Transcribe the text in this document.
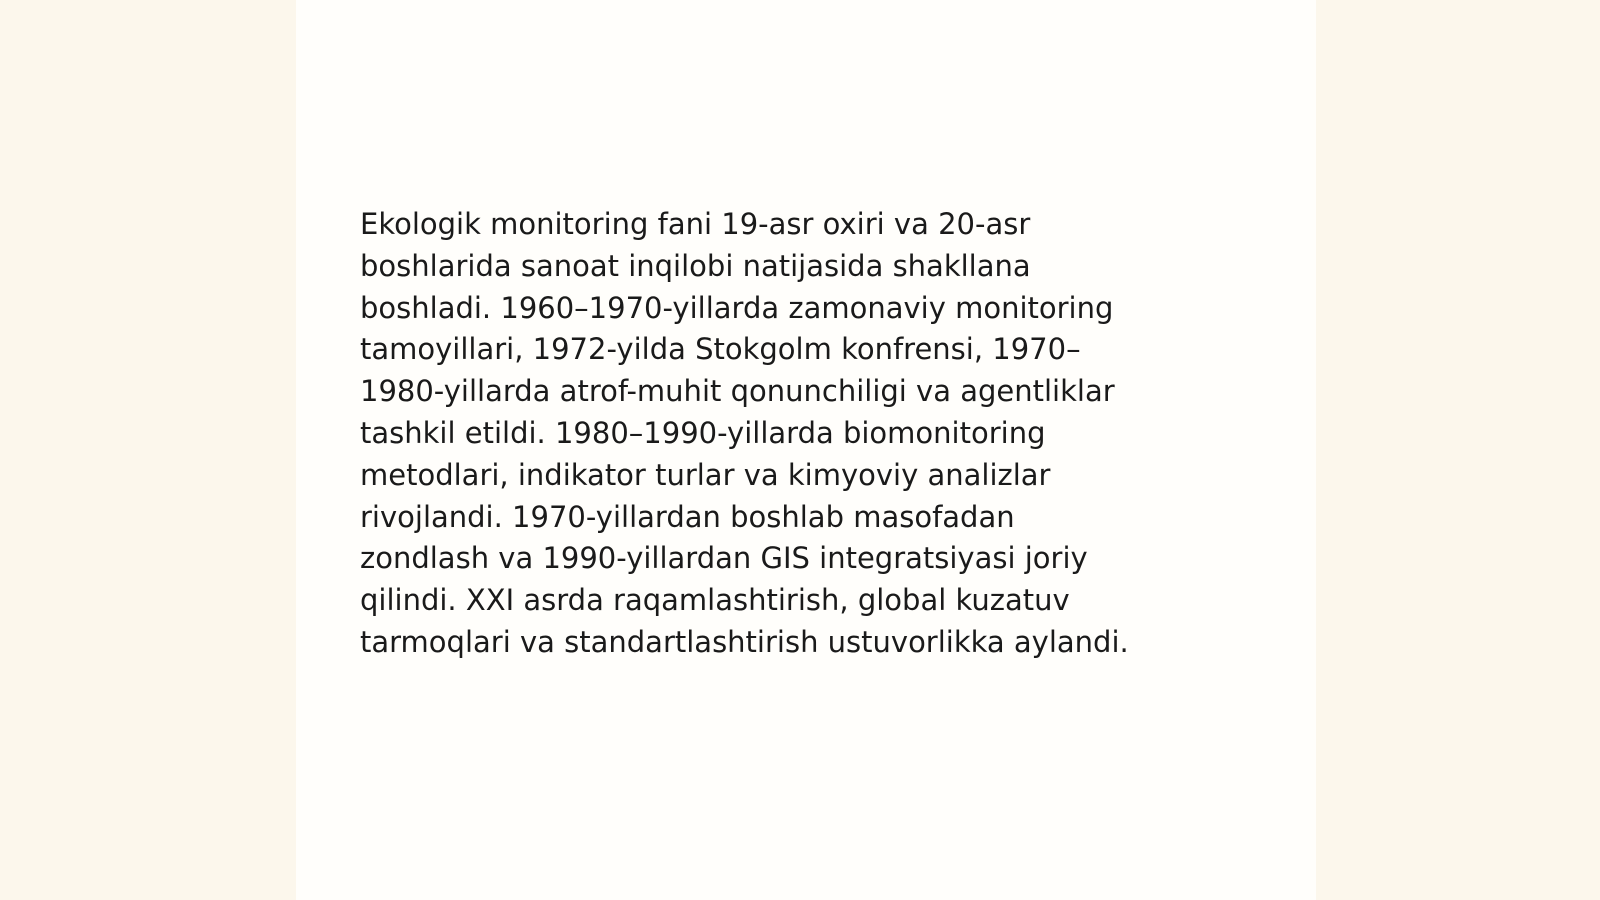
Ekologik monitoring fani 19-asr oxiri va 20-asr
boshlarida sanoat inqilobi natijasida shakllana
boshladi. 1960–1970-yillarda zamonaviy monitoring
tamoyillari, 1972-yilda Stokgolm konfrensi, 1970–
1980-yillarda atrof-muhit qonunchiligi va agentliklar
tashkil etildi. 1980–1990-yillarda biomonitoring
metodlari, indikator turlar va kimyoviy analizlar
rivojlandi. 1970-yillardan boshlab masofadan
zondlash va 1990-yillardan GIS integratsiyasi joriy
qilindi. XXI asrda raqamlashtirish, global kuzatuv
tarmoqlari va standartlashtirish ustuvorlikka aylandi.
